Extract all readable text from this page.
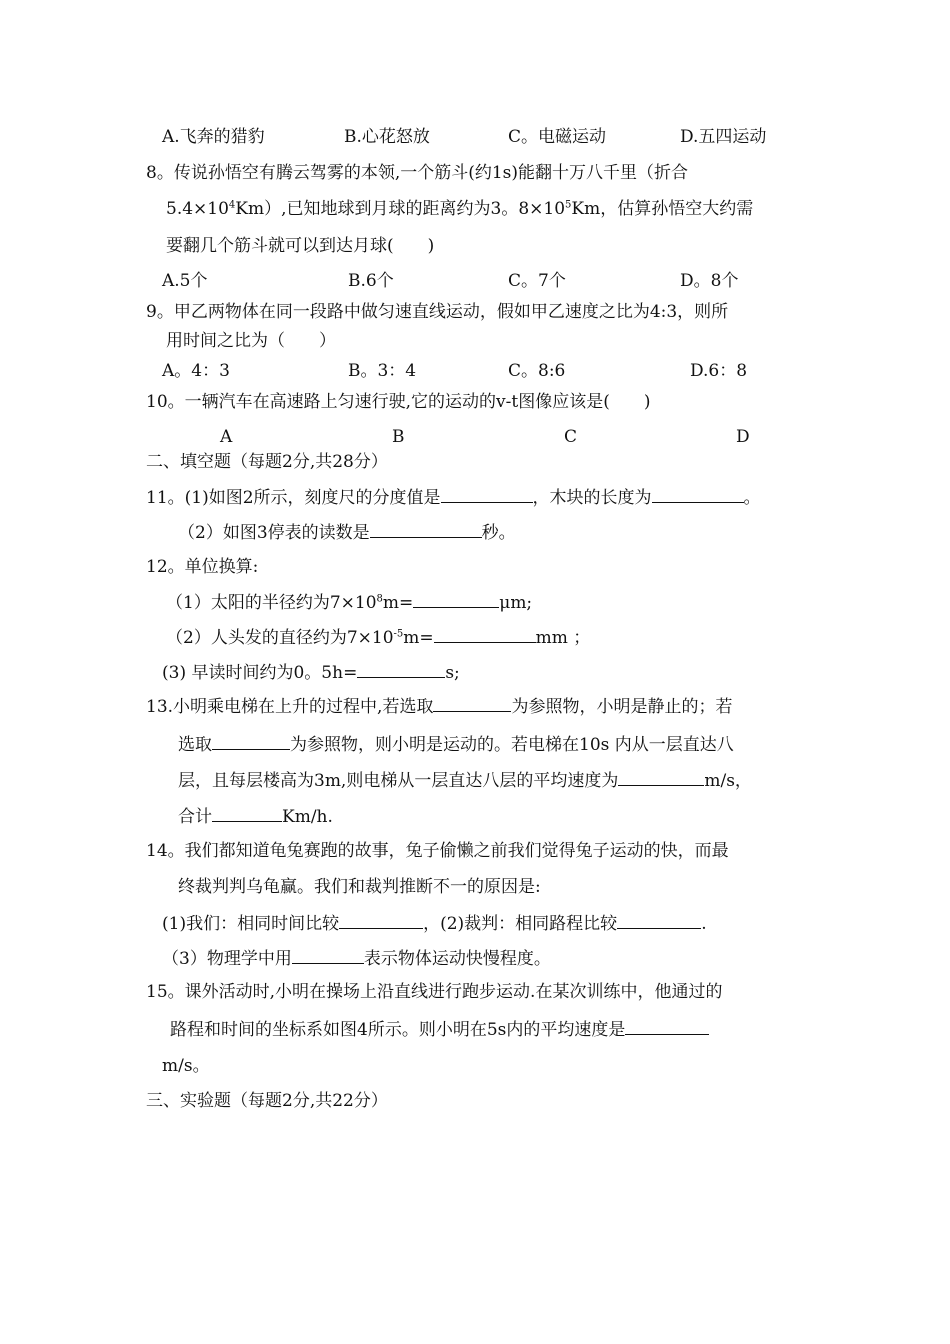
A.飞奔的猎豹	B.心花怒放	C。电磁运动	D.五四运动
8。传说孙悟空有腾云驾雾的本领,一个筋斗(约1s)能翻十万八千里（折合
$5.4\times 10^4Km$）,已知地球到月球的距离约为3。$8\times 10^5Km$，估算孙悟空大约需
要翻几个筋斗就可以到达月球(　　)
A.5个	B.6个	C。7个	D。8个
9。甲乙两物体在同一段路中做匀速直线运动，假如甲乙速度之比为4:3，则所
用时间之比为（　　）
A。4：3	B。3：4	C。8:6	D.6：8
10。一辆汽车在高速路上匀速行驶,它的运动的v-t图像应该是(　　)
A	B	C	D
二、填空题（每题2分,共28分）
11。(1)如图2所示，刻度尺的分度值是	，木块的长度为	。
（2）如图3停表的读数是	秒。
12。单位换算:
（1）太阳的半径约为$7\times 10^8m=$	μm;
（2）人头发的直径约为$7\times 10^{-5}m=$	mm ；
(3) 早读时间约为0。5h=	s;
13.小明乘电梯在上升的过程中,若选取	为参照物，小明是静止的；若
选取	为参照物，则小明是运动的。若电梯在10s 内从一层直达八
层，且每层楼高为3m,则电梯从一层直达八层的平均速度为	m/s，
合计	Km/h.
14。我们都知道龟兔赛跑的故事，兔子偷懒之前我们觉得兔子运动的快，而最
终裁判判乌龟赢。我们和裁判推断不一的原因是:
(1)我们：相同时间比较	，(2)裁判：相同路程比较	.
（3）物理学中用	表示物体运动快慢程度。
15。课外活动时,小明在操场上沿直线进行跑步运动.在某次训练中，他通过的
路程和时间的坐标系如图4所示。则小明在5s内的平均速度是
m/s。
三、实验题（每题2分,共22分）
